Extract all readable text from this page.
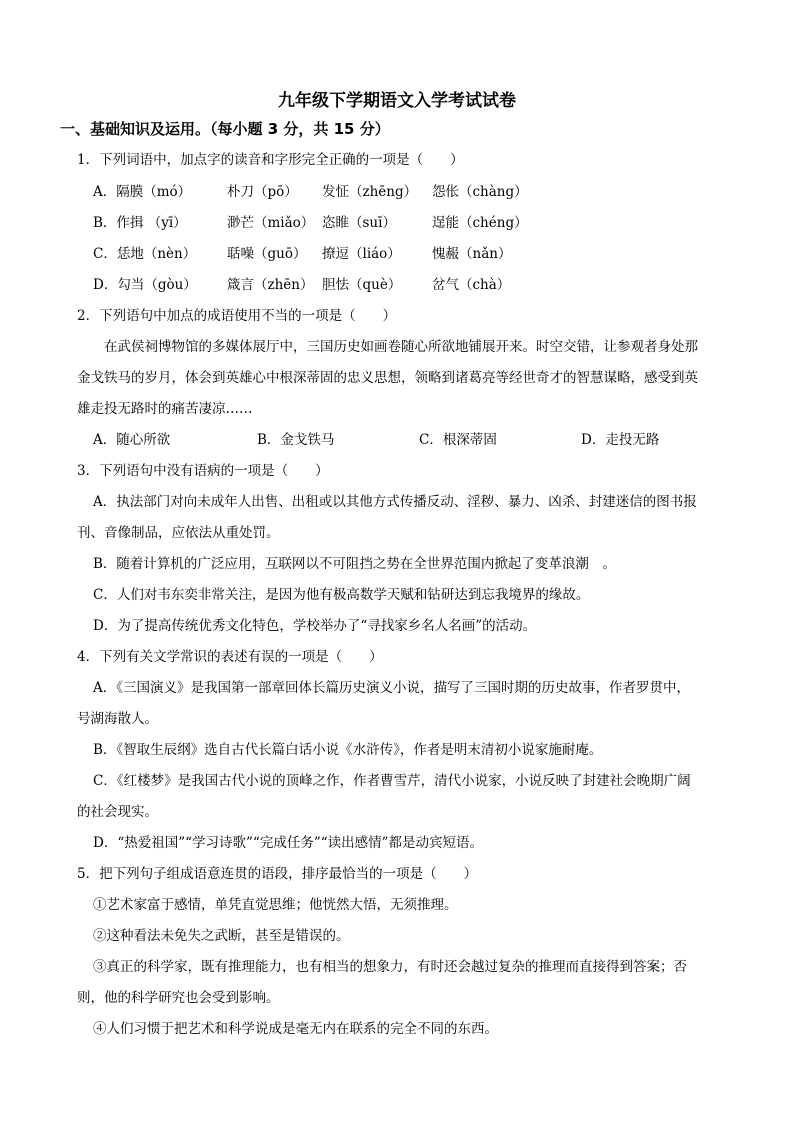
九年级下学期语文入学考试试卷
一、基础知识及运用。（每小题 3 分，共 15 分）
1．下列词语中，加点字的读音和字形完全正确的一项是（　　）
A．隔膜（mó）	朴刀（pō） 发怔（zhēng） 怨伥（chàng）
B．作揖 （yī）	渺芒（miǎo） 恣睢（suī）	逞能（chéng）
C．恁地（nèn） 聒噪（guō） 撩逗（liáo） 愧赧（nǎn）
D．勾当（gòu） 箴言（zhēn） 胆怯（què） 岔气（chà）
2．下列语句中加点的成语使用不当的一项是（　　）
在武侯祠博物馆的多媒体展厅中，三国历史如画卷随心所欲地铺展开来。时空交错，让参观者身处那
金戈铁马的岁月，体会到英雄心中根深蒂固的忠义思想，领略到诸葛亮等经世奇才的智慧谋略，感受到英
雄走投无路时的痛苦凄凉……
A．随心所欲	B．金戈铁马	C．根深蒂固	D．走投无路
3．下列语句中没有语病的一项是（　　）
A．执法部门对向未成年人出售、出租或以其他方式传播反动、淫秽、暴力、凶杀、封建迷信的图书报
刊、音像制品，应依法从重处罚。
B．随着计算机的广泛应用，互联网以不可阻挡之势在全世界范围内掀起了变革浪潮　。
C．人们对韦东奕非常关注，是因为他有极高数学天赋和钻研达到忘我境界的缘故。
D．为了提高传统优秀文化特色，学校举办了“寻找家乡名人名画”的活动。
4．下列有关文学常识的表述有误的一项是（　　）
A．《三国演义》是我国第一部章回体长篇历史演义小说，描写了三国时期的历史故事，作者罗贯中，
号湖海散人。
B．《智取生辰纲》选自古代长篇白话小说《水浒传》，作者是明末清初小说家施耐庵。
C．《红楼梦》是我国古代小说的顶峰之作，作者曹雪芹，清代小说家，小说反映了封建社会晚期广阔
的社会现实。
D．“热爱祖国”“学习诗歌”“完成任务”“读出感情”都是动宾短语。
5．把下列句子组成语意连贯的语段，排序最恰当的一项是（　　）
①艺术家富于感情，单凭直觉思维；他恍然大悟，无须推理。
②这种看法未免失之武断，甚至是错误的。
③真正的科学家，既有推理能力，也有相当的想象力，有时还会越过复杂的推理而直接得到答案；否
则，他的科学研究也会受到影响。
④人们习惯于把艺术和科学说成是毫无内在联系的完全不同的东西。
